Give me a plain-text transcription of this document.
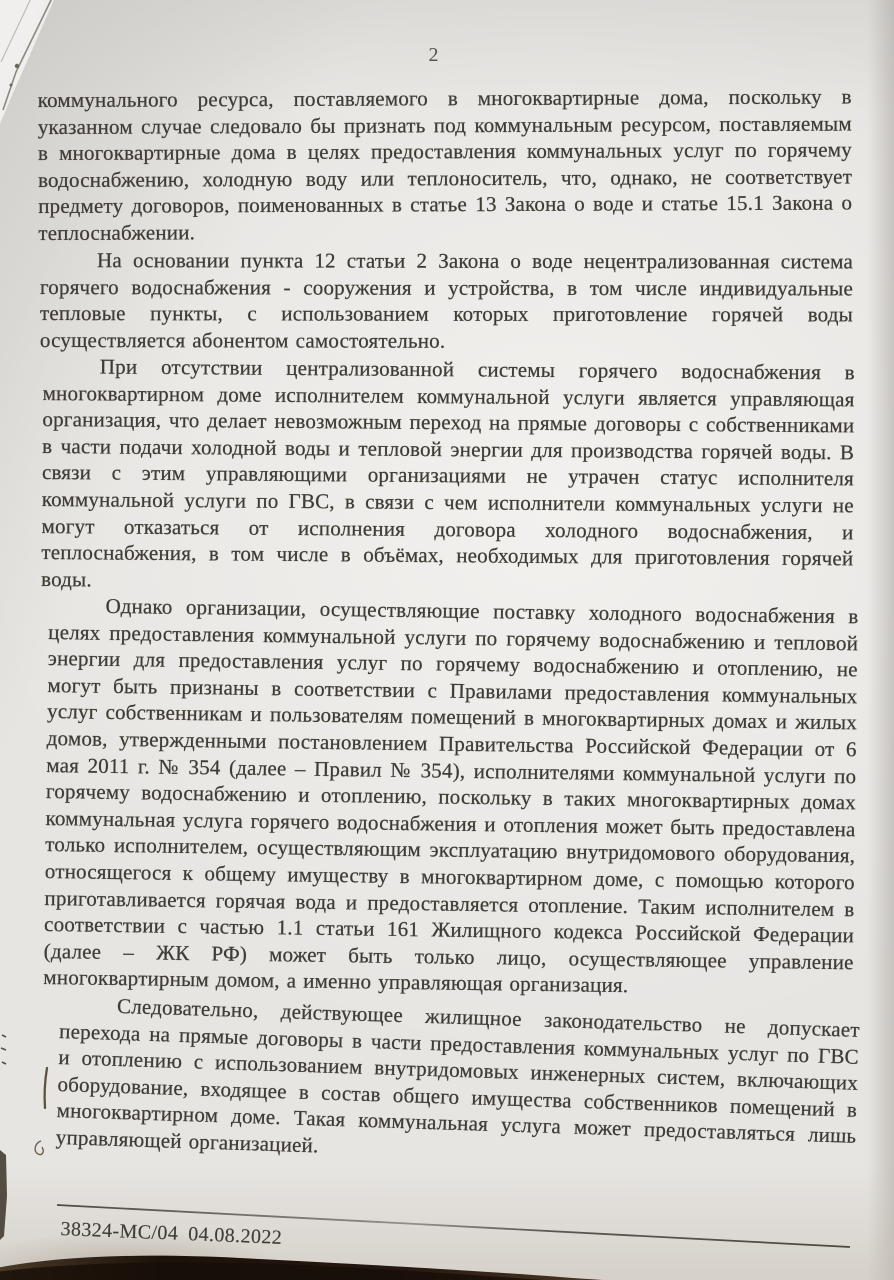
2

коммунального ресурса, поставляемого в многоквартирные дома, поскольку в указанном случае следовало бы признать под коммунальным ресурсом, поставляемым в многоквартирные дома в целях предоставления коммунальных услуг по горячему водоснабжению, холодную воду или теплоноситель, что, однако, не соответствует предмету договоров, поименованных в статье 13 Закона о воде и статье 15.1 Закона о теплоснабжении.

На основании пункта 12 статьи 2 Закона о воде нецентрализованная система горячего водоснабжения - сооружения и устройства, в том числе индивидуальные тепловые пункты, с использованием которых приготовление горячей воды осуществляется абонентом самостоятельно.

При отсутствии централизованной системы горячего водоснабжения в многоквартирном доме исполнителем коммунальной услуги является управляющая организация, что делает невозможным переход на прямые договоры с собственниками в части подачи холодной воды и тепловой энергии для производства горячей воды. В связи с этим управляющими организациями не утрачен статус исполнителя коммунальной услуги по ГВС, в связи с чем исполнители коммунальных услуги не могут отказаться от исполнения договора холодного водоснабжения, и теплоснабжения, в том числе в объёмах, необходимых для приготовления горячей воды.

Однако организации, осуществляющие поставку холодного водоснабжения в целях предоставления коммунальной услуги по горячему водоснабжению и тепловой энергии для предоставления услуг по горячему водоснабжению и отоплению, не могут быть признаны в соответствии с Правилами предоставления коммунальных услуг собственникам и пользователям помещений в многоквартирных домах и жилых домов, утвержденными постановлением Правительства Российской Федерации от 6 мая 2011 г. № 354 (далее – Правил № 354), исполнителями коммунальной услуги по горячему водоснабжению и отоплению, поскольку в таких многоквартирных домах коммунальная услуга горячего водоснабжения и отопления может быть предоставлена только исполнителем, осуществляющим эксплуатацию внутридомового оборудования, относящегося к общему имуществу в многоквартирном доме, с помощью которого приготавливается горячая вода и предоставляется отопление. Таким исполнителем в соответствии с частью 1.1 статьи 161 Жилищного кодекса Российской Федерации (далее – ЖК РФ) может быть только лицо, осуществляющее управление многоквартирным домом, а именно управляющая организация.

Следовательно, действующее жилищное законодательство не допускает перехода на прямые договоры в части предоставления коммунальных услуг по ГВС и отоплению с использованием внутридомовых инженерных систем, включающих оборудование, входящее в состав общего имущества собственников помещений в многоквартирном доме. Такая коммунальная услуга может предоставляться лишь управляющей организацией.

38324-МС/04 04.08.2022
